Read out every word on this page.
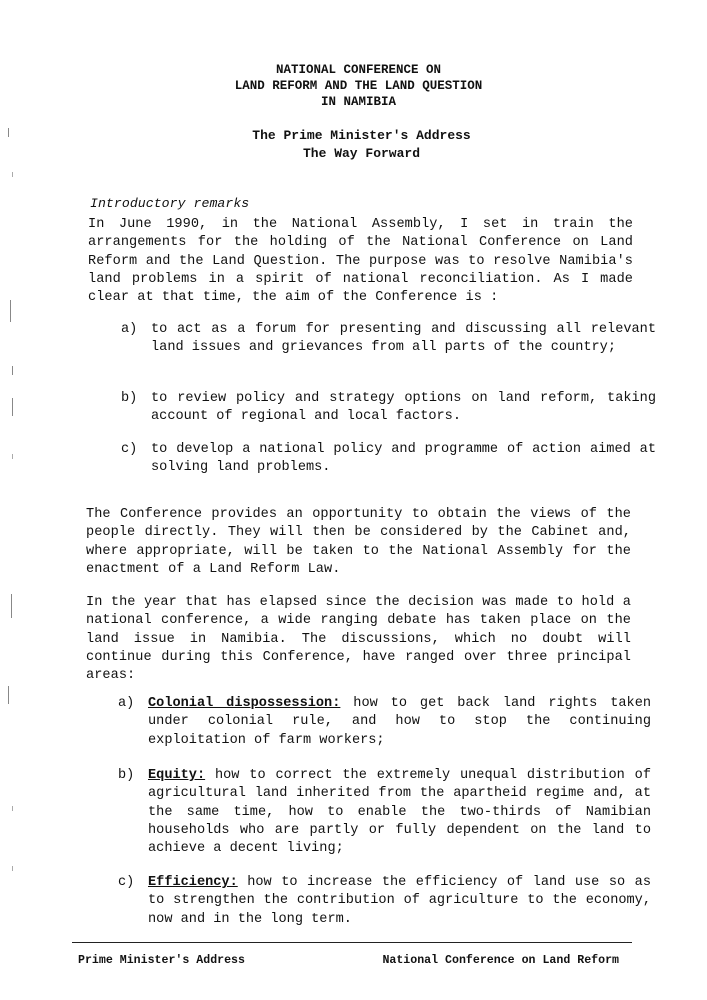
NATIONAL CONFERENCE ON
LAND REFORM AND THE LAND QUESTION
IN NAMIBIA
The Prime Minister's Address
The Way Forward
Introductory remarks
In June 1990, in the National Assembly, I set in train the arrangements for the holding of the National Conference on Land Reform and the Land Question. The purpose was to resolve Namibia's land problems in a spirit of national reconciliation. As I made clear at that time, the aim of the Conference is :
a) to act as a forum for presenting and discussing all relevant land issues and grievances from all parts of the country;
b) to review policy and strategy options on land reform, taking account of regional and local factors.
c) to develop a national policy and programme of action aimed at solving land problems.
The Conference provides an opportunity to obtain the views of the people directly. They will then be considered by the Cabinet and, where appropriate, will be taken to the National Assembly for the enactment of a Land Reform Law.
In the year that has elapsed since the decision was made to hold a national conference, a wide ranging debate has taken place on the land issue in Namibia. The discussions, which no doubt will continue during this Conference, have ranged over three principal areas:
a) Colonial dispossession: how to get back land rights taken under colonial rule, and how to stop the continuing exploitation of farm workers;
b) Equity: how to correct the extremely unequal distribution of agricultural land inherited from the apartheid regime and, at the same time, how to enable the two-thirds of Namibian households who are partly or fully dependent on the land to achieve a decent living;
c) Efficiency: how to increase the efficiency of land use so as to strengthen the contribution of agriculture to the economy, now and in the long term.
Prime Minister's Address	National Conference on Land Reform
